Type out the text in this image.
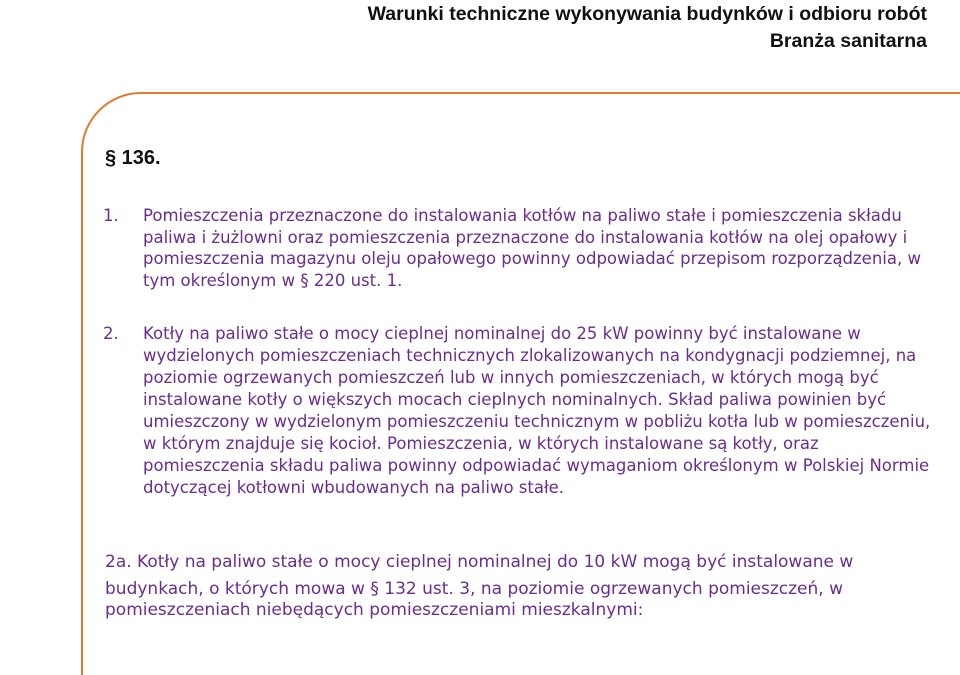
Warunki techniczne wykonywania budynków i odbioru robót
Branża sanitarna
§ 136.
1. Pomieszczenia przeznaczone do instalowania kotłów na paliwo stałe i pomieszczenia składu paliwa i żużlowni oraz pomieszczenia przeznaczone do instalowania kotłów na olej opałowy i pomieszczenia magazynu oleju opałowego powinny odpowiadać przepisom rozporządzenia, w tym określonym w § 220 ust. 1.
2. Kotły na paliwo stałe o mocy cieplnej nominalnej do 25 kW powinny być instalowane w wydzielonych pomieszczeniach technicznych zlokalizowanych na kondygnacji podziemnej, na poziomie ogrzewanych pomieszczeń lub w innych pomieszczeniach, w których mogą być instalowane kotły o większych mocach cieplnych nominalnych. Skład paliwa powinien być umieszczony w wydzielonym pomieszczeniu technicznym w pobliżu kotła lub w pomieszczeniu, w którym znajduje się kocioł. Pomieszczenia, w których instalowane są kotły, oraz pomieszczenia składu paliwa powinny odpowiadać wymaganiom określonym w Polskiej Normie dotyczącej kotłowni wbudowanych na paliwo stałe.
2a. Kotły na paliwo stałe o mocy cieplnej nominalnej do 10 kW mogą być instalowane w
budynkach, o których mowa w § 132 ust. 3, na poziomie ogrzewanych pomieszczeń, w pomieszczeniach niebędących pomieszczeniami mieszkalnymi:
